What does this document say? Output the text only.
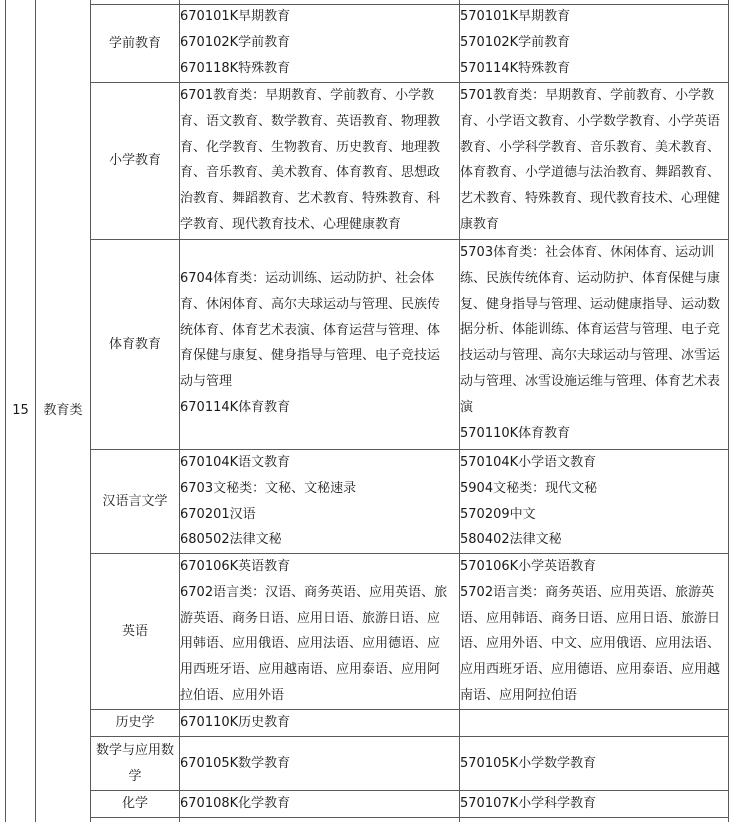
15 教育类

学前教育

670101K早期教育

670102K学前教育

670118K特殊教育

570101K早期教育

570102K学前教育

570114K特殊教育

小学教育

6701教育类：早期教育、学前教育、小学教

育、语文教育、数学教育、英语教育、物理教

育、化学教育、生物教育、历史教育、地理教

育、音乐教育、美术教育、体育教育、思想政

治教育、舞蹈教育、艺术教育、特殊教育、科

学教育、现代教育技术、心理健康教育

5701教育类：早期教育、学前教育、小学教

育、小学语文教育、小学数学教育、小学英语

教育、小学科学教育、音乐教育、美术教育、

体育教育、小学道德与法治教育、舞蹈教育、

艺术教育、特殊教育、现代教育技术、心理健

康教育

体育教育

6704体育类：运动训练、运动防护、社会体

育、休闲体育、高尔夫球运动与管理、民族传

统体育、体育艺术表演、体育运营与管理、体

育保健与康复、健身指导与管理、电子竞技运

动与管理

670114K体育教育

5703体育类：社会体育、休闲体育、运动训

练、民族传统体育、运动防护、体育保健与康

复、健身指导与管理、运动健康指导、运动数

据分析、体能训练、体育运营与管理、电子竞

技运动与管理、高尔夫球运动与管理、冰雪运

动与管理、冰雪设施运维与管理、体育艺术表

演

570110K体育教育

汉语言文学

670104K语文教育

6703文秘类：文秘、文秘速录

670201汉语

680502法律文秘

570104K小学语文教育

5904文秘类：现代文秘

570209中文

580402法律文秘

英语

670106K英语教育

6702语言类：汉语、商务英语、应用英语、旅

游英语、商务日语、应用日语、旅游日语、应

用韩语、应用俄语、应用法语、应用德语、应

用西班牙语、应用越南语、应用泰语、应用阿

拉伯语、应用外语

570106K小学英语教育

5702语言类：商务英语、应用英语、旅游英

语、应用韩语、商务日语、应用日语、旅游日

语、应用外语、中文、应用俄语、应用法语、

应用西班牙语、应用德语、应用泰语、应用越

南语、应用阿拉伯语

历史学 670110K历史教育

数学与应用数学

670105K数学教育	570105K小学数学教育

化学 670108K化学教育	570107K小学科学教育
